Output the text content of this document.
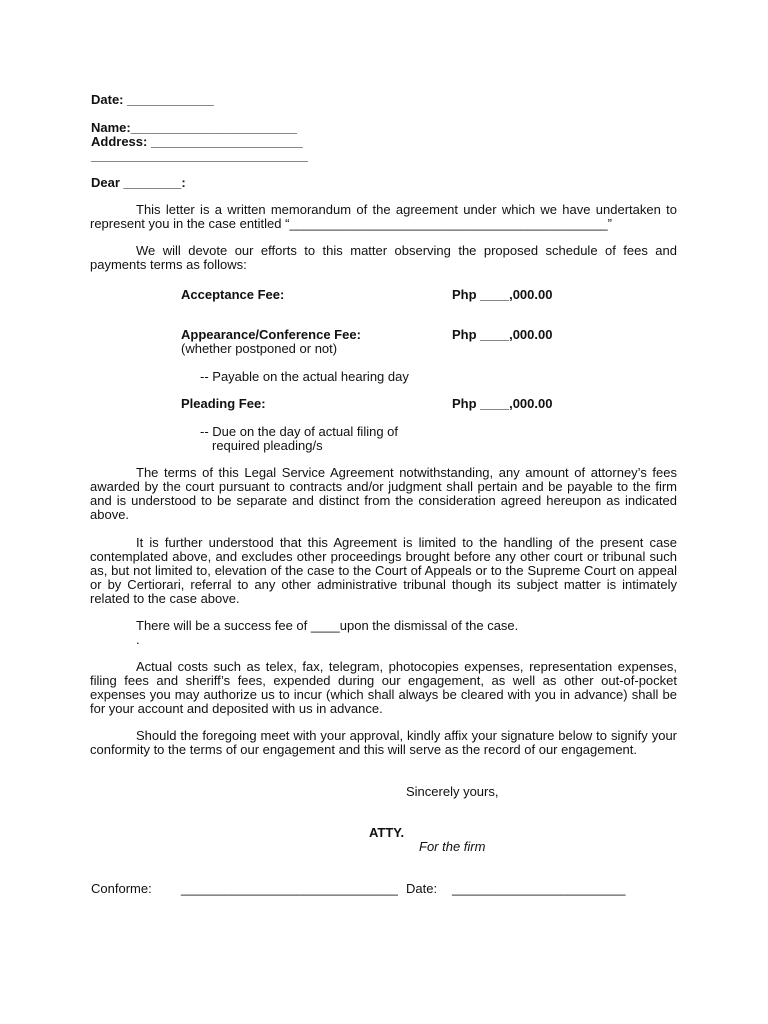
Date: ____________
Name:_______________________
Address: _____________________
______________________________
Dear ________:
This letter is a written memorandum of the agreement under which we have undertaken to represent you in the case entitled “____________________________________________”
We will devote our efforts to this matter observing the proposed schedule of fees and payments terms as follows:
Acceptance Fee:	Php ____,000.00
Appearance/Conference Fee:	Php ____,000.00
(whether postponed or not)
-- Payable on the actual hearing day
Pleading Fee:	Php ____,000.00
-- Due on the day of actual filing of
required pleading/s
The terms of this Legal Service Agreement notwithstanding, any amount of attorney’s fees awarded by the court pursuant to contracts and/or judgment shall pertain and be payable to the firm and is understood to be separate and distinct from the consideration agreed hereupon as indicated above.
It is further understood that this Agreement is limited to the handling of the present case contemplated above, and excludes other proceedings brought before any other court or tribunal such as, but not limited to, elevation of the case to the Court of Appeals or to the Supreme Court on appeal or by Certiorari, referral to any other administrative tribunal though its subject matter is intimately related to the case above.
There will be a success fee of ____upon the dismissal of the case.
.
Actual costs such as telex, fax, telegram, photocopies expenses, representation expenses, filing fees and sheriff’s fees, expended during our engagement, as well as other out-of-pocket expenses you may authorize us to incur (which shall always be cleared with you in advance) shall be for your account and deposited with us in advance.
Should the foregoing meet with your approval, kindly affix your signature below to signify your conformity to the terms of our engagement and this will serve as the record of our engagement.
Sincerely yours,
ATTY.
For the firm
Conforme: ______________________________ Date: ________________________
